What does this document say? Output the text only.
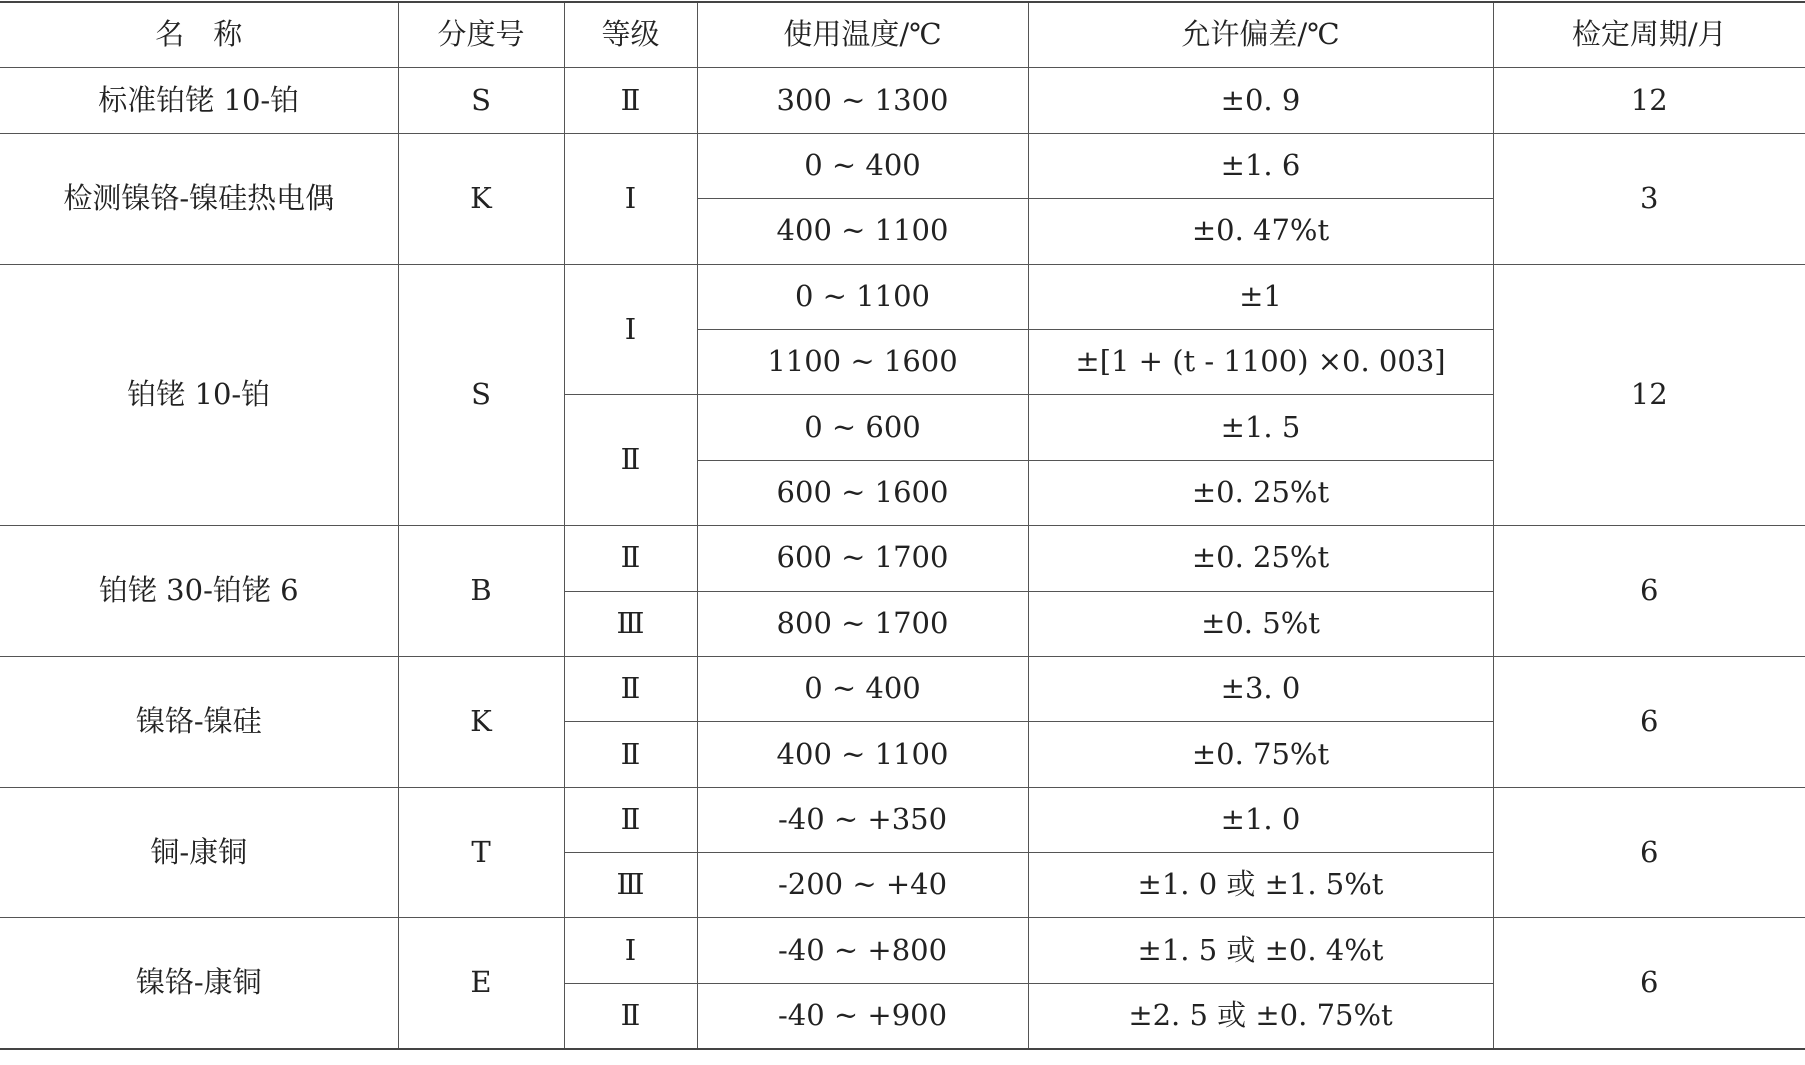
名　称	分度号	等级	使用温度/℃	允许偏差/℃	检定周期/月
标准铂铑 10-铂	S	Ⅱ	300 ~ 1300	±0. 9	12
检测镍铬-镍硅热电偶	K	Ⅰ	0 ~ 400	±1. 6	3
			400 ~ 1100	±0. 47%t	
铂铑 10-铂	S	Ⅰ	0 ~ 1100	±1	12
			1100 ~ 1600	±[1 + (t - 1100) ×0. 003]	
		Ⅱ	0 ~ 600	±1. 5	
			600 ~ 1600	±0. 25%t	
铂铑 30-铂铑 6	B	Ⅱ	600 ~ 1700	±0. 25%t	6
		Ⅲ	800 ~ 1700	±0. 5%t	
镍铬-镍硅	K	Ⅱ	0 ~ 400	±3. 0	6
		Ⅱ	400 ~ 1100	±0. 75%t	
铜-康铜	T	Ⅱ	-40 ~ +350	±1. 0	6
		Ⅲ	-200 ~ +40	±1. 0 或 ±1. 5%t	
镍铬-康铜	E	Ⅰ	-40 ~ +800	±1. 5 或 ±0. 4%t	6
		Ⅱ	-40 ~ +900	±2. 5 或 ±0. 75%t	
